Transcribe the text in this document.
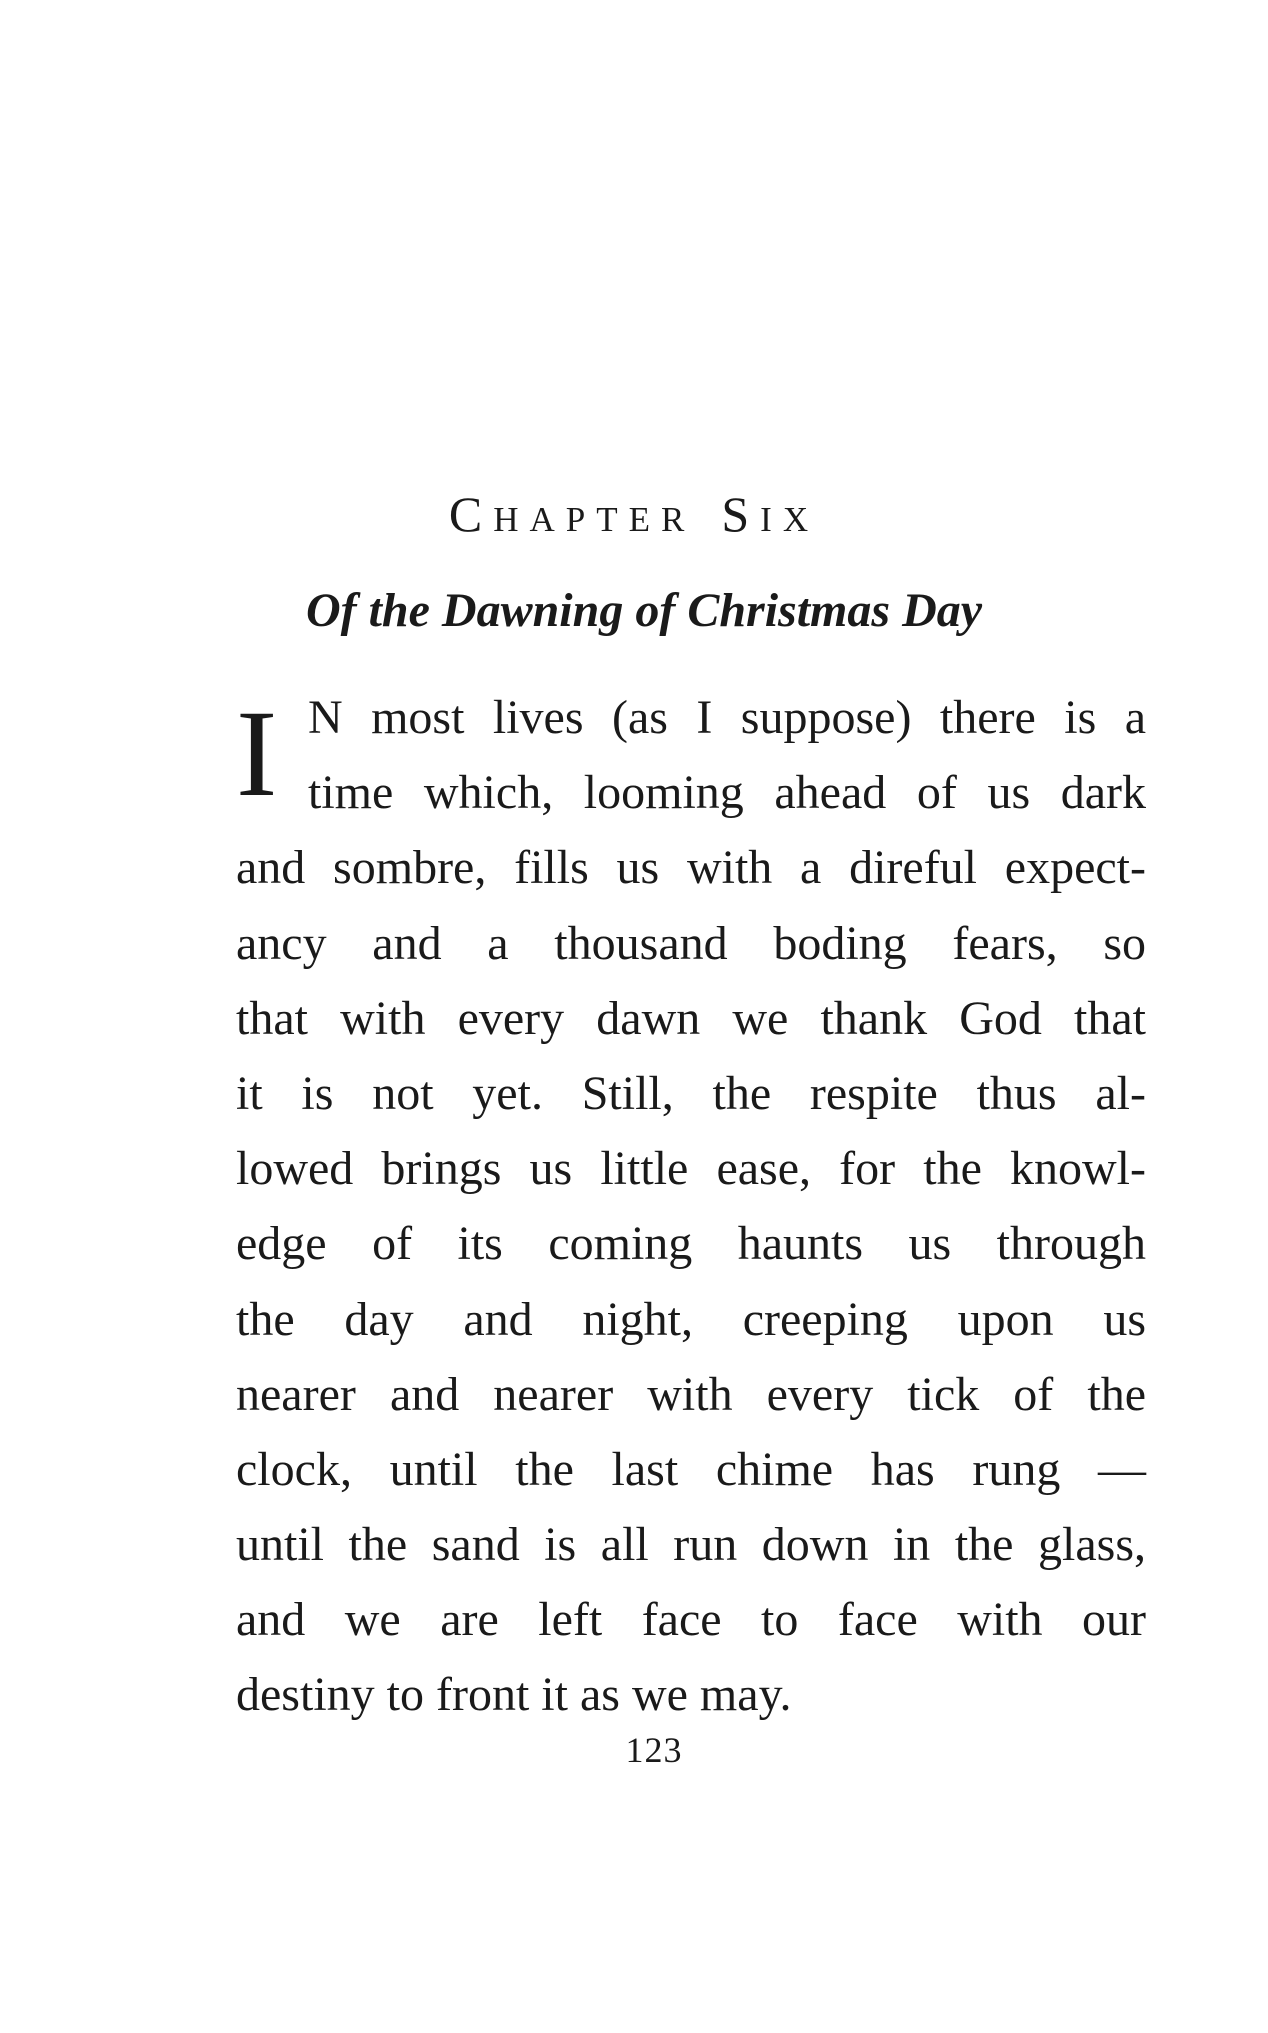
CHAPTER SIX
Of the Dawning of Christmas Day
I N most lives (as I suppose) there is a
time which, looming ahead of us dark
and sombre, fills us with a direful expect-
ancy and a thousand boding fears, so
that with every dawn we thank God that
it is not yet. Still, the respite thus al-
lowed brings us little ease, for the knowl-
edge of its coming haunts us through
the day and night, creeping upon us
nearer and nearer with every tick of the
clock, until the last chime has rung —
until the sand is all run down in the glass,
and we are left face to face with our
destiny to front it as we may.
123
